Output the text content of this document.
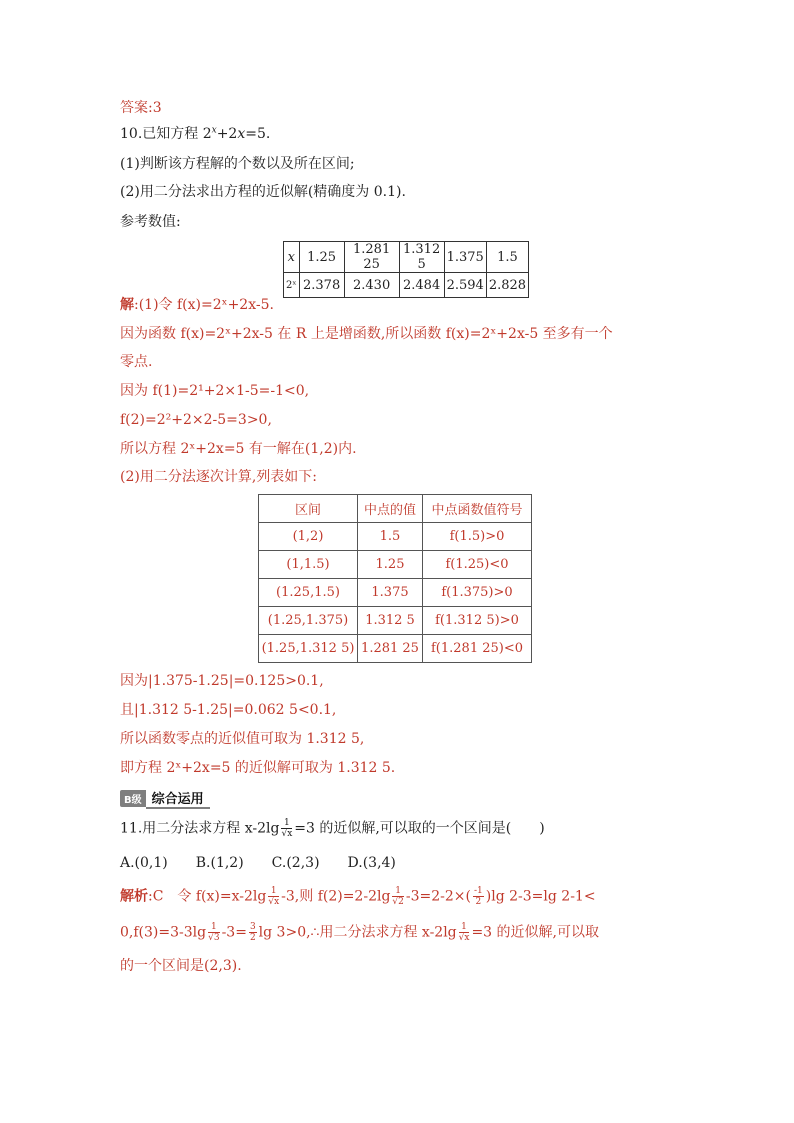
答案:3
10.已知方程 $2^x+2x=5$.
(1)判断该方程解的个数以及所在区间;
(2)用二分法求出方程的近似解(精确度为 0.1).
参考数值:
x	1.25	1.281 25	1.312 5	1.375	1.5
2ˣ	2.378	2.430	2.484	2.594	2.828
解:(1)令 f(x)=2ˣ+2x-5.
因为函数 f(x)=2ˣ+2x-5 在 R 上是增函数,所以函数 f(x)=2ˣ+2x-5 至多有一个
零点.
因为 f(1)=2¹+2×1-5=-1<0,
f(2)=2²+2×2-5=3>0,
所以方程 2ˣ+2x=5 有一解在(1,2)内.
(2)用二分法逐次计算,列表如下:
区间	中点的值	中点函数值符号
(1,2)	1.5	f(1.5)>0
(1,1.5)	1.25	f(1.25)<0
(1.25,1.5)	1.375	f(1.375)>0
(1.25,1.375)	1.312 5	f(1.312 5)>0
(1.25,1.312 5)	1.281 25	f(1.281 25)<0
因为|1.375-1.25|=0.125>0.1,
且|1.312 5-1.25|=0.062 5<0.1,
所以函数零点的近似值可取为 1.312 5,
即方程 2ˣ+2x=5 的近似解可取为 1.312 5.
B级 综合运用
11.用二分法求方程 $x-2\lg \frac{1}{√x} =3$ 的近似解,可以取的一个区间是(　　)
A.(0,1)　　B.(1,2)　　C.(2,3)　　D.(3,4)
解析:C　令 $f(x)=x-2\lg \frac{1}{√x} -3$,则 $f(2)=2-2\lg \frac{1}{√2} -3=2-2\times( \frac{-1}{2} )\lg$ 2-3=lg 2-1<
$0,f(3)=3-3\lg \frac{1}{√3} -3= \frac{3}{2}$ lg 3>0,∴用二分法求方程 $x-2\lg \frac{1}{√x} =3$ 的近似解,可以取
的一个区间是(2,3).
